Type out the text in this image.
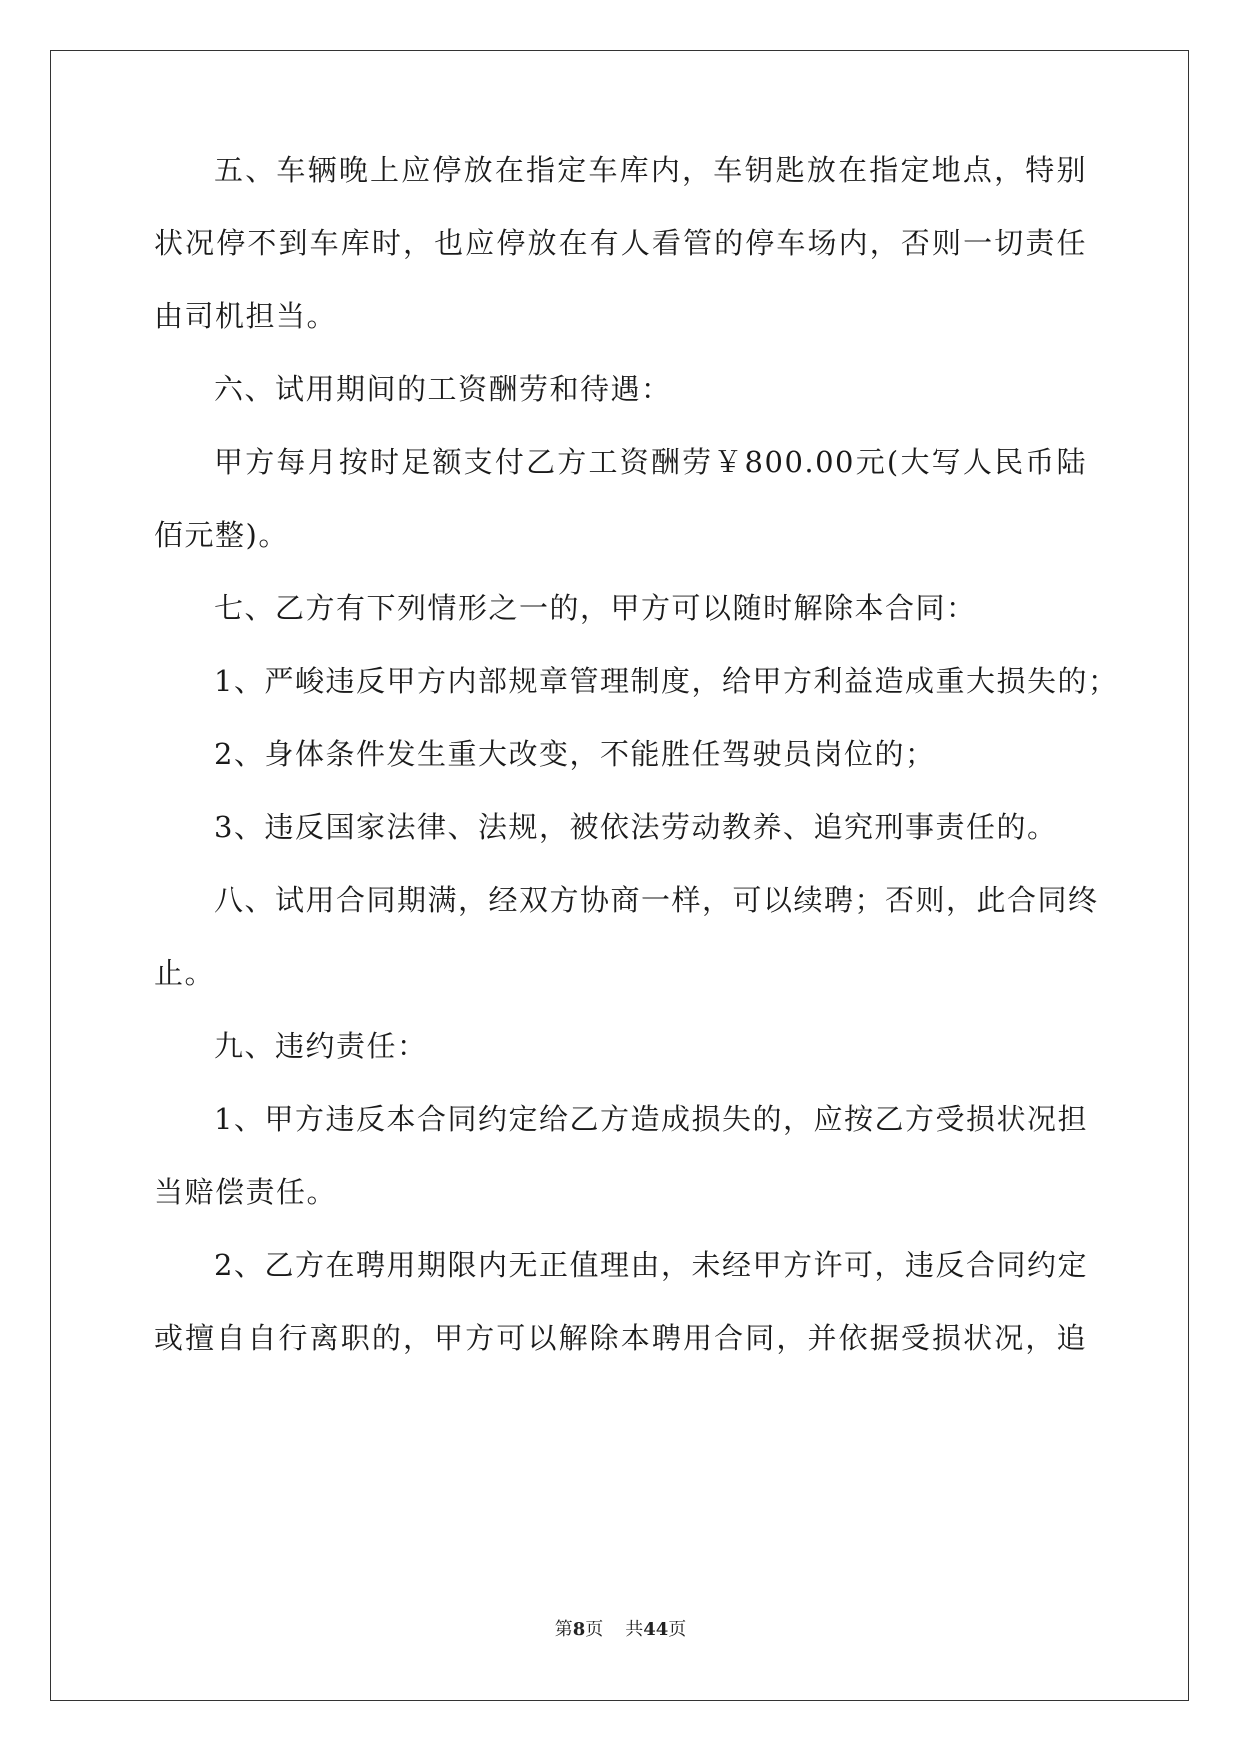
五、车辆晚上应停放在指定车库内，车钥匙放在指定地点，特别
状况停不到车库时，也应停放在有人看管的停车场内，否则一切责任
由司机担当。
六、试用期间的工资酬劳和待遇：
甲方每月按时足额支付乙方工资酬劳￥800.00元(大写人民币陆
佰元整)。
七、乙方有下列情形之一的，甲方可以随时解除本合同：
1、严峻违反甲方内部规章管理制度，给甲方利益造成重大损失的；
2、身体条件发生重大改变，不能胜任驾驶员岗位的；
3、违反国家法律、法规，被依法劳动教养、追究刑事责任的。
八、试用合同期满，经双方协商一样，可以续聘；否则，此合同终
止。
九、违约责任：
1、甲方违反本合同约定给乙方造成损失的，应按乙方受损状况担
当赔偿责任。
2、乙方在聘用期限内无正值理由，未经甲方许可，违反合同约定
或擅自自行离职的，甲方可以解除本聘用合同，并依据受损状况，追
第8页 共44页
